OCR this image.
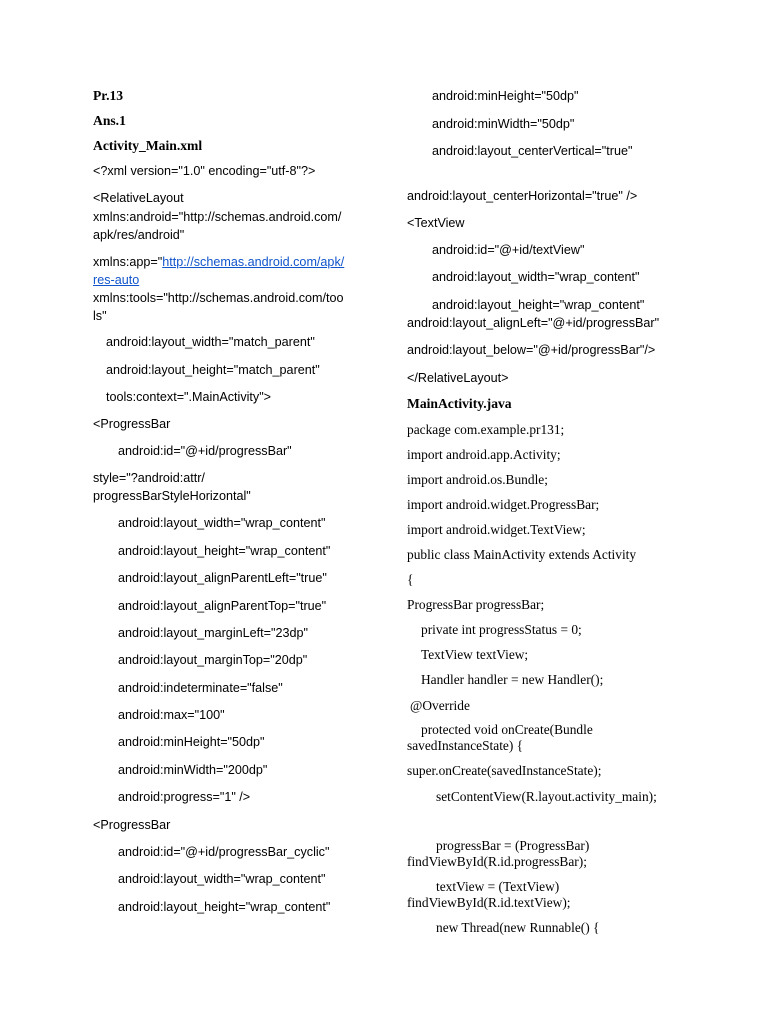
Pr.13
Ans.1
Activity_Main.xml
<?xml version="1.0" encoding="utf-8"?>
<RelativeLayout
xmlns:android="http://schemas.android.com/
apk/res/android"
xmlns:app="http://schemas.android.com/apk/
res-auto
xmlns:tools="http://schemas.android.com/too
ls"
android:layout_width="match_parent"
android:layout_height="match_parent"
tools:context=".MainActivity">
<ProgressBar
android:id="@+id/progressBar"
style="?android:attr/
progressBarStyleHorizontal"
android:layout_width="wrap_content"
android:layout_height="wrap_content"
android:layout_alignParentLeft="true"
android:layout_alignParentTop="true"
android:layout_marginLeft="23dp"
android:layout_marginTop="20dp"
android:indeterminate="false"
android:max="100"
android:minHeight="50dp"
android:minWidth="200dp"
android:progress="1" />
<ProgressBar
android:id="@+id/progressBar_cyclic"
android:layout_width="wrap_content"
android:layout_height="wrap_content"
android:minHeight="50dp"
android:minWidth="50dp"
android:layout_centerVertical="true"
android:layout_centerHorizontal="true" />
<TextView
android:id="@+id/textView"
android:layout_width="wrap_content"
android:layout_height="wrap_content"
android:layout_alignLeft="@+id/progressBar"
android:layout_below="@+id/progressBar"/>
</RelativeLayout>
MainActivity.java
package com.example.pr131;
import android.app.Activity;
import android.os.Bundle;
import android.widget.ProgressBar;
import android.widget.TextView;
public class MainActivity extends Activity
{
ProgressBar progressBar;
private int progressStatus = 0;
TextView textView;
Handler handler = new Handler();
@Override
protected void onCreate(Bundle
savedInstanceState) {
super.onCreate(savedInstanceState);
setContentView(R.layout.activity_main);
progressBar = (ProgressBar)
findViewById(R.id.progressBar);
textView = (TextView)
findViewById(R.id.textView);
new Thread(new Runnable() {
